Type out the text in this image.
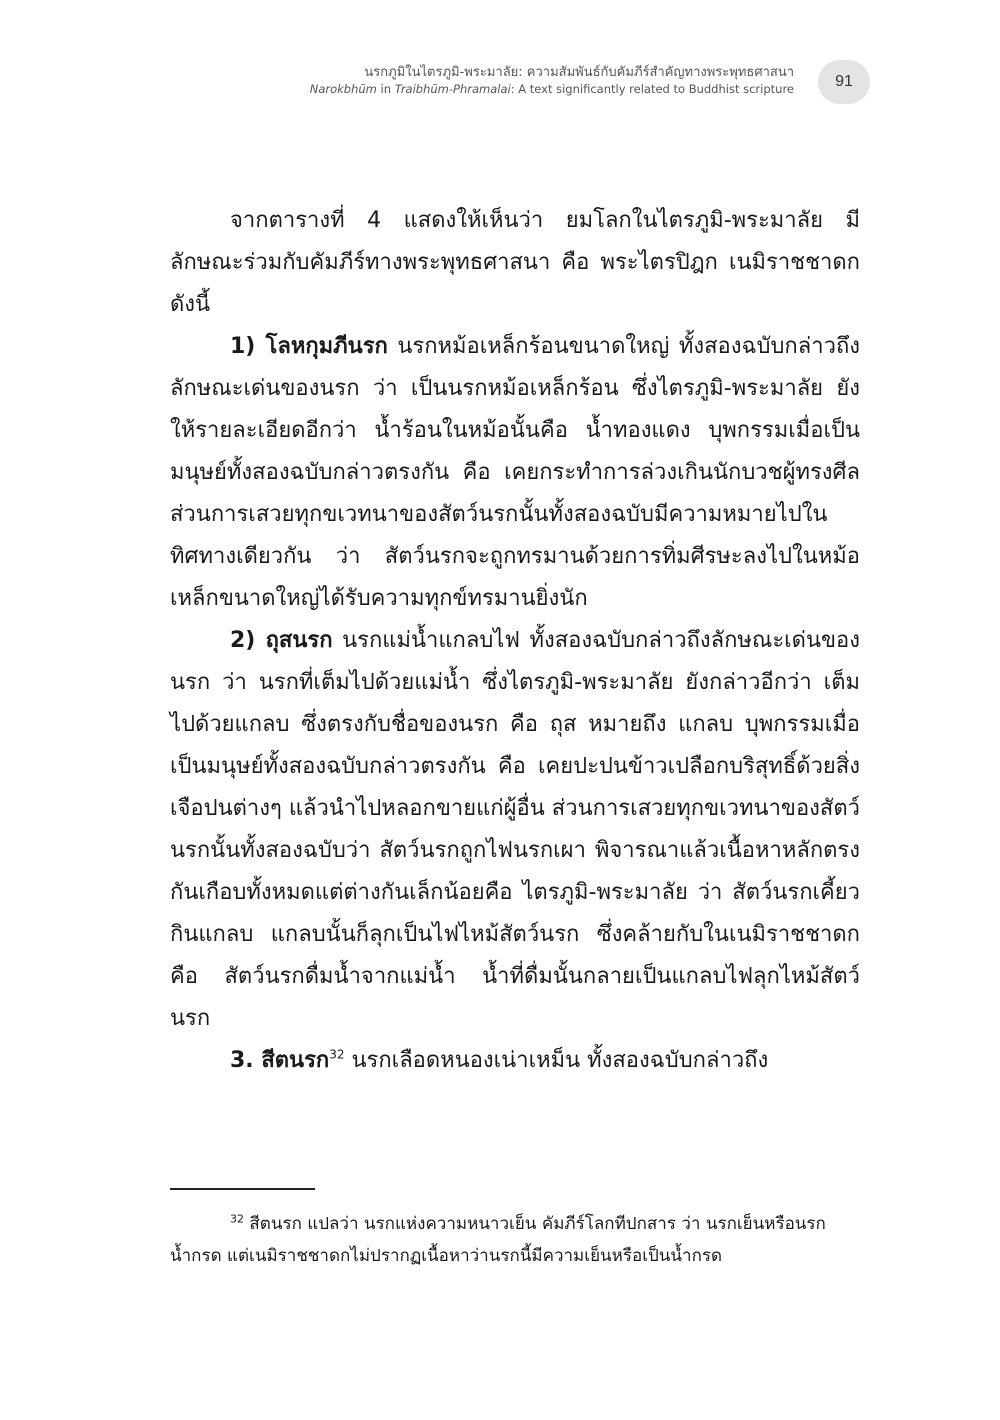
นรกภูมิในไตรภูมิ-พระมาลัย: ความสัมพันธ์กับคัมภีร์สำคัญทางพระพุทธศาสนา
Narokbhūm in Traibhūm-Phramalai: A text significantly related to Buddhist scripture	91

จากตารางที่ 4 แสดงให้เห็นว่า ยมโลกในไตรภูมิ-พระมาลัย มีลักษณะร่วมกับคัมภีร์ทางพระพุทธศาสนา คือ พระไตรปิฎก เนมิราชชาดก ดังนี้

1) โลหกุมภีนรก นรกหม้อเหล็กร้อนขนาดใหญ่ ทั้งสองฉบับกล่าวถึงลักษณะเด่นของนรก ว่า เป็นนรกหม้อเหล็กร้อน ซึ่งไตรภูมิ-พระมาลัย ยังให้รายละเอียดอีกว่า น้ำร้อนในหม้อนั้นคือ น้ำทองแดง บุพกรรมเมื่อเป็นมนุษย์ทั้งสองฉบับกล่าวตรงกัน คือ เคยกระทำการล่วงเกินนักบวชผู้ทรงศีล ส่วนการเสวยทุกขเวทนาของสัตว์นรกนั้นทั้งสองฉบับมีความหมายไปในทิศทางเดียวกัน ว่า สัตว์นรกจะถูกทรมานด้วยการทิ่มศีรษะลงไปในหม้อเหล็กขนาดใหญ่ได้รับความทุกข์ทรมานยิ่งนัก

2) ถุสนรก นรกแม่น้ำแกลบไฟ ทั้งสองฉบับกล่าวถึงลักษณะเด่นของนรก ว่า นรกที่เต็มไปด้วยแม่น้ำ ซึ่งไตรภูมิ-พระมาลัย ยังกล่าวอีกว่า เต็มไปด้วยแกลบ ซึ่งตรงกับชื่อของนรก คือ ถุส หมายถึง แกลบ บุพกรรมเมื่อเป็นมนุษย์ทั้งสองฉบับกล่าวตรงกัน คือ เคยปะปนข้าวเปลือกบริสุทธิ์ด้วยสิ่งเจือปนต่างๆ แล้วนำไปหลอกขายแก่ผู้อื่น ส่วนการเสวยทุกขเวทนาของสัตว์นรกนั้นทั้งสองฉบับว่า สัตว์นรกถูกไฟนรกเผา พิจารณาแล้วเนื้อหาหลักตรงกันเกือบทั้งหมดแต่ต่างกันเล็กน้อยคือ ไตรภูมิ-พระมาลัย ว่า สัตว์นรกเคี้ยวกินแกลบ แกลบนั้นก็ลุกเป็นไฟไหม้สัตว์นรก ซึ่งคล้ายกับในเนมิราชชาดก คือ สัตว์นรกดื่มน้ำจากแม่น้ำ น้ำที่ดื่มนั้นกลายเป็นแกลบไฟลุกไหม้สัตว์นรก

3. สีตนรก$^{32}$ นรกเลือดหนองเน่าเหม็น ทั้งสองฉบับกล่าวถึง

$^{32}$ สีตนรก แปลว่า นรกแห่งความหนาวเย็น คัมภีร์โลกทีปกสาร ว่า นรกเย็นหรือนรกน้ำกรด แต่เนมิราชชาดกไม่ปรากฏเนื้อหาว่านรกนี้มีความเย็นหรือเป็นน้ำกรด
